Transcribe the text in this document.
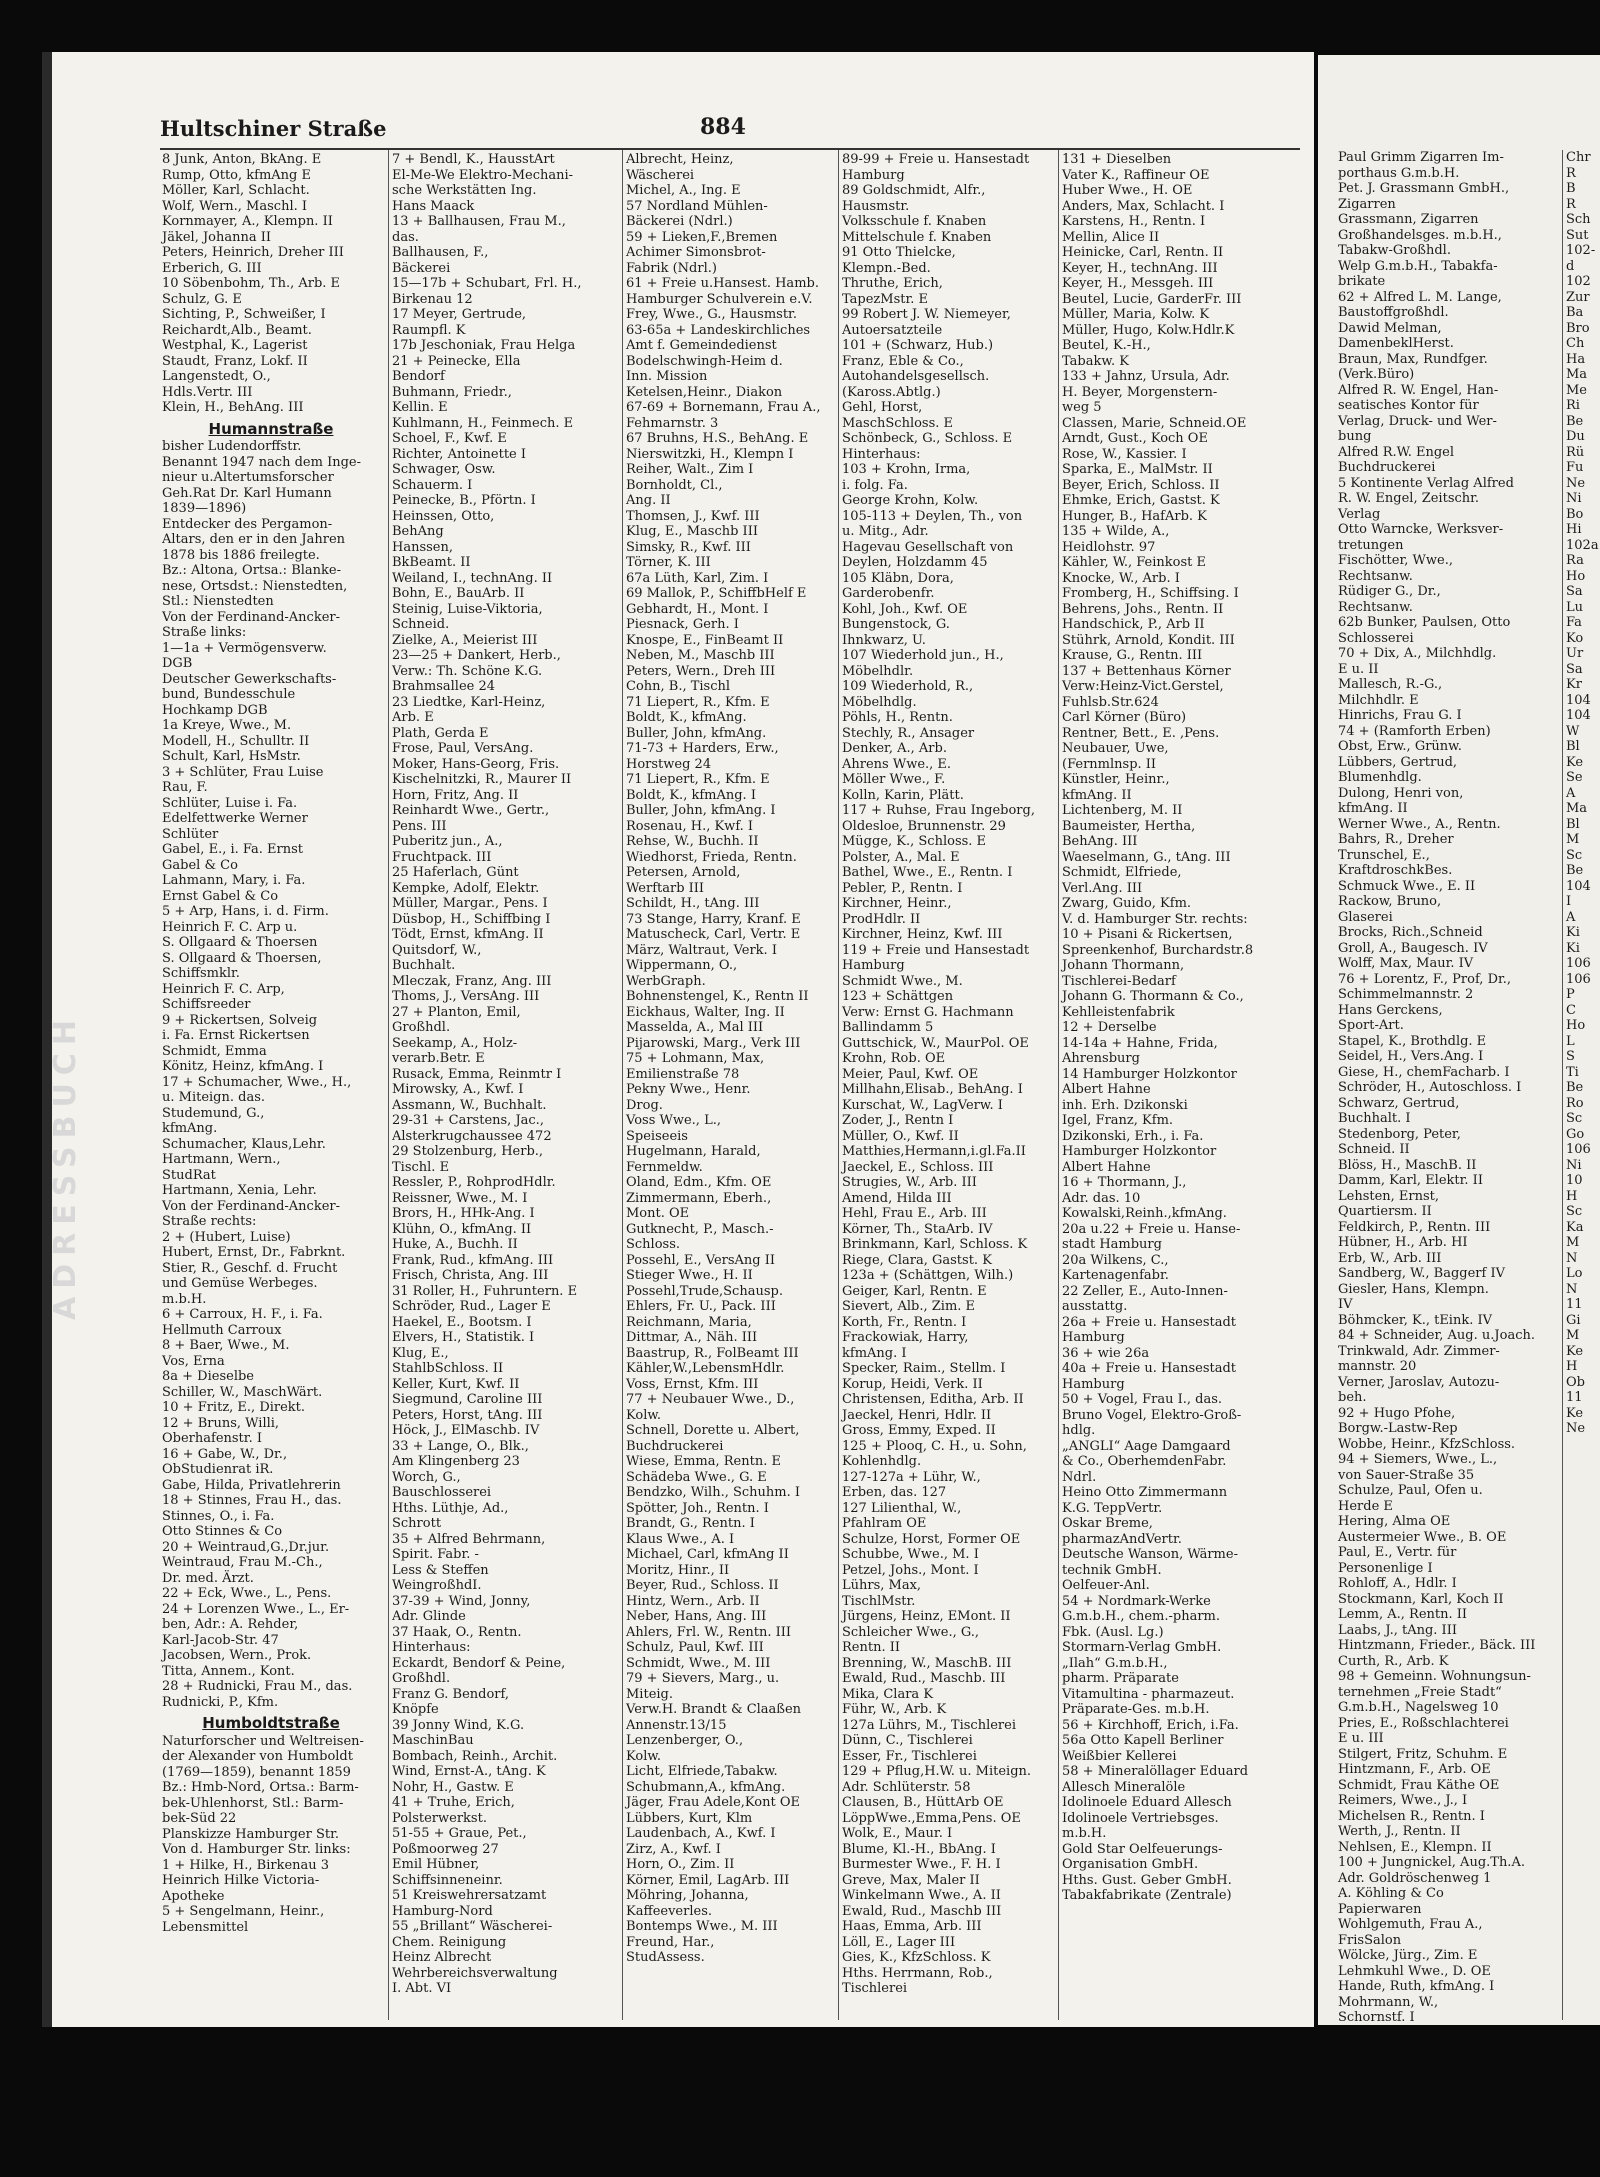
ADRESSBUCH
Hultschiner Straße	884
8 Junk, Anton, BkAng. E
Rump, Otto, kfmAng E
Möller, Karl, Schlacht.
Wolf, Wern., Maschl. I
Kornmayer, A., Klempn. II
Jäkel, Johanna II
Peters, Heinrich, Dreher III
Erberich, G. III
10 Söbenbohm, Th., Arb. E
Schulz, G. E
Sichting, P., Schweißer, I
Reichardt,Alb., Beamt.
Westphal, K., Lagerist
Staudt, Franz, Lokf. II
Langenstedt, O.,
Hdls.Vertr. III
Klein, H., BehAng. III
Humannstraße
bisher Ludendorffstr.
Benannt 1947 nach dem Inge-
nieur u.Altertumsforscher
Geh.Rat Dr. Karl Humann
1839—1896)
Entdecker des Pergamon-
Altars, den er in den Jahren
1878 bis 1886 freilegte.
Bz.: Altona, Ortsa.: Blanke-
nese, Ortsdst.: Nienstedten,
Stl.: Nienstedten
Von der Ferdinand-Ancker-
Straße links:
1—1a + Vermögensverw.
DGB
Deutscher Gewerkschafts-
bund, Bundesschule
Hochkamp DGB
1a Kreye, Wwe., M.
Modell, H., Schulltr. II
Schult, Karl, HsMstr.
3 + Schlüter, Frau Luise
Rau, F.
Schlüter, Luise i. Fa.
Edelfettwerke Werner
Schlüter
Gabel, E., i. Fa. Ernst
Gabel & Co
Lahmann, Mary, i. Fa.
Ernst Gabel & Co
5 + Arp, Hans, i. d. Firm.
Heinrich F. C. Arp u.
S. Ollgaard & Thoersen
S. Ollgaard & Thoersen,
Schiffsmklr.
Heinrich F. C. Arp,
Schiffsreeder
9 + Rickertsen, Solveig
i. Fa. Ernst Rickertsen
Schmidt, Emma
Könitz, Heinz, kfmAng. I
17 + Schumacher, Wwe., H.,
u. Miteign. das.
Studemund, G.,
kfmAng.
Schumacher, Klaus,Lehr.
Hartmann, Wern.,
StudRat
Hartmann, Xenia, Lehr.
Von der Ferdinand-Ancker-
Straße rechts:
2 + (Hubert, Luise)
Hubert, Ernst, Dr., Fabrknt.
Stier, R., Geschf. d. Frucht
und Gemüse Werbeges.
m.b.H.
6 + Carroux, H. F., i. Fa.
Hellmuth Carroux
8 + Baer, Wwe., M.
Vos, Erna
8a + Dieselbe
Schiller, W., MaschWärt.
10 + Fritz, E., Direkt.
12 + Bruns, Willi,
Oberhafenstr. I
16 + Gabe, W., Dr.,
ObStudienrat iR.
Gabe, Hilda, Privatlehrerin
18 + Stinnes, Frau H., das.
Stinnes, O., i. Fa.
Otto Stinnes & Co
20 + Weintraud,G.,Dr.jur.
Weintraud, Frau M.-Ch.,
Dr. med. Ärzt.
22 + Eck, Wwe., L., Pens.
24 + Lorenzen Wwe., L., Er-
ben, Adr.: A. Rehder,
Karl-Jacob-Str. 47
Jacobsen, Wern., Prok.
Titta, Annem., Kont.
28 + Rudnicki, Frau M., das.
Rudnicki, P., Kfm.
Humboldtstraße
Naturforscher und Weltreisen-
der Alexander von Humboldt
(1769—1859), benannt 1859
Bz.: Hmb-Nord, Ortsa.: Barm-
bek-Uhlenhorst, Stl.: Barm-
bek-Süd 22
Planskizze Hamburger Str.
Von d. Hamburger Str. links:
1 + Hilke, H., Birkenau 3
Heinrich Hilke Victoria-
Apotheke
5 + Sengelmann, Heinr.,
Lebensmittel
7 + Bendl, K., HausstArt
El-Me-We Elektro-Mechani-
sche Werkstätten Ing.
Hans Maack
13 + Ballhausen, Frau M.,
das.
Ballhausen, F.,
Bäckerei
15—17b + Schubart, Frl. H.,
Birkenau 12
17 Meyer, Gertrude,
Raumpfl. K
17b Jeschoniak, Frau Helga
21 + Peinecke, Ella
Bendorf
Buhmann, Friedr.,
Kellin. E
Kuhlmann, H., Feinmech. E
Schoel, F., Kwf. E
Richter, Antoinette I
Schwager, Osw.
Schauerm. I
Peinecke, B., Pförtn. I
Heinssen, Otto,
BehAng
Hanssen,
BkBeamt. II
Weiland, I., technAng. II
Bohn, E., BauArb. II
Steinig, Luise-Viktoria,
Schneid.
Zielke, A., Meierist III
23—25 + Dankert, Herb.,
Verw.: Th. Schöne K.G.
Brahmsallee 24
23 Liedtke, Karl-Heinz,
Arb. E
Plath, Gerda E
Frose, Paul, VersAng.
Moker, Hans-Georg, Fris.
Kischelnitzki, R., Maurer II
Horn, Fritz, Ang. II
Reinhardt Wwe., Gertr.,
Pens. III
Puberitz jun., A.,
Fruchtpack. III
25 Haferlach, Günt
Kempke, Adolf, Elektr.
Müller, Margar., Pens. I
Düsbop, H., Schiffbing I
Tödt, Ernst, kfmAng. II
Quitsdorf, W.,
Buchhalt.
Mleczak, Franz, Ang. III
Thoms, J., VersAng. III
27 + Planton, Emil,
Großhdl.
Seekamp, A., Holz-
verarb.Betr. E
Rusack, Emma, Reinmtr I
Mirowsky, A., Kwf. I
Assmann, W., Buchhalt.
29-31 + Carstens, Jac.,
Alsterkrugchaussee 472
29 Stolzenburg, Herb.,
Tischl. E
Ressler, P., RohprodHdlr.
Reissner, Wwe., M. I
Brors, H., HHk-Ang. I
Klühn, O., kfmAng. II
Huke, A., Buchh. II
Frank, Rud., kfmAng. III
Frisch, Christa, Ang. III
31 Roller, H., Fuhruntern. E
Schröder, Rud., Lager E
Haekel, E., Bootsm. I
Elvers, H., Statistik. I
Klug, E.,
StahlbSchloss. II
Keller, Kurt, Kwf. II
Siegmund, Caroline III
Peters, Horst, tAng. III
Höck, J., ElMaschb. IV
33 + Lange, O., Blk.,
Am Klingenberg 23
Worch, G.,
Bauschlosserei
Hths. Lüthje, Ad.,
Schrott
35 + Alfred Behrmann,
Spirit. Fabr. -
Less & Steffen
WeingroßhdI.
37-39 + Wind, Jonny,
Adr. Glinde
37 Haak, O., Rentn.
Hinterhaus:
Eckardt, Bendorf & Peine,
Großhdl.
Franz G. Bendorf,
Knöpfe
39 Jonny Wind, K.G.
MaschinBau
Bombach, Reinh., Archit.
Wind, Ernst-A., tAng. K
Nohr, H., Gastw. E
41 + Truhe, Erich,
Polsterwerkst.
51-55 + Graue, Pet.,
Poßmoorweg 27
Emil Hübner,
Schiffsinneneinr.
51 Kreiswehrersatzamt
Hamburg-Nord
55 „Brillant“ Wäscherei-
Chem. Reinigung
Heinz Albrecht
Wehrbereichsverwaltung
I. Abt. VI
Albrecht, Heinz,
Wäscherei
Michel, A., Ing. E
57 Nordland Mühlen-
Bäckerei (Ndrl.)
59 + Lieken,F.,Bremen
Achimer Simonsbrot-
Fabrik (Ndrl.)
61 + Freie u.Hansest. Hamb.
Hamburger Schulverein e.V.
Frey, Wwe., G., Hausmstr.
63-65a + Landeskirchliches
Amt f. Gemeindedienst
Bodelschwingh-Heim d.
Inn. Mission
Ketelsen,Heinr., Diakon
67-69 + Bornemann, Frau A.,
Fehmarnstr. 3
67 Bruhns, H.S., BehAng. E
Nierswitzki, H., Klempn I
Reiher, Walt., Zim I
Bornholdt, Cl.,
Ang. II
Thomsen, J., Kwf. III
Klug, E., Maschb III
Simsky, R., Kwf. III
Törner, K. III
67a Lüth, Karl, Zim. I
69 Mallok, P., SchiffbHelf E
Gebhardt, H., Mont. I
Piesnack, Gerh. I
Knospe, E., FinBeamt II
Neben, M., Maschb III
Peters, Wern., Dreh III
Cohn, B., Tischl
71 Liepert, R., Kfm. E
Boldt, K., kfmAng.
Buller, John, kfmAng.
71-73 + Harders, Erw.,
Horstweg 24
71 Liepert, R., Kfm. E
Boldt, K., kfmAng. I
Buller, John, kfmAng. I
Rosenau, H., Kwf. I
Rehse, W., Buchh. II
Wiedhorst, Frieda, Rentn.
Petersen, Arnold,
Werftarb III
Schildt, H., tAng. III
73 Stange, Harry, Kranf. E
Matuscheck, Carl, Vertr. E
März, Waltraut, Verk. I
Wippermann, O.,
WerbGraph.
Bohnenstengel, K., Rentn II
Eickhaus, Walter, Ing. II
Masselda, A., Mal III
Pijarowski, Marg., Verk III
75 + Lohmann, Max,
Emilienstraße 78
Pekny Wwe., Henr.
Drog.
Voss Wwe., L.,
Speiseeis
Hugelmann, Harald,
Fernmeldw.
Oland, Edm., Kfm. OE
Zimmermann, Eberh.,
Mont. OE
Gutknecht, P., Masch.-
Schloss.
Possehl, E., VersAng II
Stieger Wwe., H. II
Possehl,Trude,Schausp.
Ehlers, Fr. U., Pack. III
Reichmann, Maria,
Dittmar, A., Näh. III
Baastrup, R., FolBeamt III
Kähler,W.,LebensmHdlr.
Voss, Ernst, Kfm. III
77 + Neubauer Wwe., D.,
Kolw.
Schnell, Dorette u. Albert,
Buchdruckerei
Wiese, Emma, Rentn. E
Schädeba Wwe., G. E
Bendzko, Wilh., Schuhm. I
Spötter, Joh., Rentn. I
Brandt, G., Rentn. I
Klaus Wwe., A. I
Michael, Carl, kfmAng II
Moritz, Hinr., II
Beyer, Rud., Schloss. II
Hintz, Wern., Arb. II
Neber, Hans, Ang. III
Ahlers, Frl. W., Rentn. III
Schulz, Paul, Kwf. III
Schmidt, Wwe., M. III
79 + Sievers, Marg., u.
Miteig.
Verw.H. Brandt & Claaßen
Annenstr.13/15
Lenzenberger, O.,
Kolw.
Licht, Elfriede,Tabakw.
Schubmann,A., kfmAng.
Jäger, Frau Adele,Kont OE
Lübbers, Kurt, Klm
Laudenbach, A., Kwf. I
Zirz, A., Kwf. I
Horn, O., Zim. II
Körner, Emil, LagArb. III
Möhring, Johanna,
Kaffeeverles.
Bontemps Wwe., M. III
Freund, Har.,
StudAssess.
89-99 + Freie u. Hansestadt
Hamburg
89 Goldschmidt, Alfr.,
Hausmstr.
Volksschule f. Knaben
Mittelschule f. Knaben
91 Otto Thielcke,
Klempn.-Bed.
Thruthe, Erich,
TapezMstr. E
99 Robert J. W. Niemeyer,
Autoersatzteile
101 + (Schwarz, Hub.)
Franz, Eble & Co.,
Autohandelsgesellsch.
(Kaross.Abtlg.)
Gehl, Horst,
MaschSchloss. E
Schönbeck, G., Schloss. E
Hinterhaus:
103 + Krohn, Irma,
i. folg. Fa.
George Krohn, Kolw.
105-113 + Deylen, Th., von
u. Mitg., Adr.
Hagevau Gesellschaft von
Deylen, Holzdamm 45
105 Kläbn, Dora,
Garderobenfr.
Kohl, Joh., Kwf. OE
Bungenstock, G.
Ihnkwarz, U.
107 Wiederhold jun., H.,
Möbelhdlr.
109 Wiederhold, R.,
Möbelhdlg.
Pöhls, H., Rentn.
Stechly, R., Ansager
Denker, A., Arb.
Ahrens Wwe., E.
Möller Wwe., F.
Kolln, Karin, Plätt.
117 + Ruhse, Frau Ingeborg,
Oldesloe, Brunnenstr. 29
Mügge, K., Schloss. E
Polster, A., Mal. E
Bathel, Wwe., E., Rentn. I
Pebler, P., Rentn. I
Kirchner, Heinr.,
ProdHdlr. II
Kirchner, Heinz, Kwf. III
119 + Freie und Hansestadt
Hamburg
Schmidt Wwe., M.
123 + Schättgen
Verw: Ernst G. Hachmann
Ballindamm 5
Guttschick, W., MaurPol. OE
Krohn, Rob. OE
Meier, Paul, Kwf. OE
Millhahn,Elisab., BehAng. I
Kurschat, W., LagVerw. I
Zoder, J., Rentn I
Müller, O., Kwf. II
Matthies,Hermann,i.gl.Fa.II
Jaeckel, E., Schloss. III
Strugies, W., Arb. III
Amend, Hilda III
Hehl, Frau E., Arb. III
Körner, Th., StaArb. IV
Brinkmann, Karl, Schloss. K
Riege, Clara, Gastst. K
123a + (Schättgen, Wilh.)
Geiger, Karl, Rentn. E
Sievert, Alb., Zim. E
Korth, Fr., Rentn. I
Frackowiak, Harry,
kfmAng. I
Specker, Raim., Stellm. I
Korup, Heidi, Verk. II
Christensen, Editha, Arb. II
Jaeckel, Henri, Hdlr. II
Gross, Emmy, Exped. II
125 + Plooq, C. H., u. Sohn,
Kohlenhdlg.
127-127a + Lühr, W.,
Erben, das. 127
127 Lilienthal, W.,
Pfahlram OE
Schulze, Horst, Former OE
Schubbe, Wwe., M. I
Petzel, Johs., Mont. I
Lührs, Max,
TischlMstr.
Jürgens, Heinz, EMont. II
Schleicher Wwe., G.,
Rentn. II
Brenning, W., MaschB. III
Ewald, Rud., Maschb. III
Mika, Clara K
Führ, W., Arb. K
127a Lührs, M., Tischlerei
Dünn, C., Tischlerei
Esser, Fr., Tischlerei
129 + Pflug,H.W. u. Miteign.
Adr. Schlüterstr. 58
Clausen, B., HüttArb OE
LöppWwe.,Emma,Pens. OE
Wolk, E., Maur. I
Blume, Kl.-H., BbAng. I
Burmester Wwe., F. H. I
Greve, Max, Maler II
Winkelmann Wwe., A. II
Ewald, Rud., Maschb III
Haas, Emma, Arb. III
Löll, E., Lager III
Gies, K., KfzSchloss. K
Hths. Herrmann, Rob.,
Tischlerei
131 + Dieselben
Vater K., Raffineur OE
Huber Wwe., H. OE
Anders, Max, Schlacht. I
Karstens, H., Rentn. I
Mellin, Alice II
Heinicke, Carl, Rentn. II
Keyer, H., technAng. III
Keyer, H., Messgeh. III
Beutel, Lucie, GarderFr. III
Müller, Maria, Kolw. K
Müller, Hugo, Kolw.Hdlr.K
Beutel, K.-H.,
Tabakw. K
133 + Jahnz, Ursula, Adr.
H. Beyer, Morgenstern-
weg 5
Classen, Marie, Schneid.OE
Arndt, Gust., Koch OE
Rose, W., Kassier. I
Sparka, E., MalMstr. II
Beyer, Erich, Schloss. II
Ehmke, Erich, Gastst. K
Hunger, B., HafArb. K
135 + Wilde, A.,
Heidlohstr. 97
Kähler, W., Feinkost E
Knocke, W., Arb. I
Fromberg, H., Schiffsing. I
Behrens, Johs., Rentn. II
Handschick, P., Arb II
Stührk, Arnold, Kondit. III
Krause, G., Rentn. III
137 + Bettenhaus Körner
Verw:Heinz-Vict.Gerstel,
Fuhlsb.Str.624
Carl Körner (Büro)
Rentner, Bett., E. ,Pens.
Neubauer, Uwe,
(Fernmlnsp. II
Künstler, Heinr.,
kfmAng. II
Lichtenberg, M. II
Baumeister, Hertha,
BehAng. III
Waeselmann, G., tAng. III
Schmidt, Elfriede,
Verl.Ang. III
Zwarg, Guido, Kfm.
V. d. Hamburger Str. rechts:
10 + Pisani & Rickertsen,
Spreenkenhof, Burchardstr.8
Johann Thormann,
Tischlerei-Bedarf
Johann G. Thormann & Co.,
Kehlleistenfabrik
12 + Derselbe
14-14a + Hahne, Frida,
Ahrensburg
14 Hamburger Holzkontor
Albert Hahne
inh. Erh. Dzikonski
Igel, Franz, Kfm.
Dzikonski, Erh., i. Fa.
Hamburger Holzkontor
Albert Hahne
16 + Thormann, J.,
Adr. das. 10
Kowalski,Reinh.,kfmAng.
20a u.22 + Freie u. Hanse-
stadt Hamburg
20a Wilkens, C.,
Kartenagenfabr.
22 Zeller, E., Auto-Innen-
ausstattg.
26a + Freie u. Hansestadt
Hamburg
36 + wie 26a
40a + Freie u. Hansestadt
Hamburg
50 + Vogel, Frau I., das.
Bruno Vogel, Elektro-Groß-
hdlg.
„ANGLI“ Aage Damgaard
& Co., OberhemdenFabr.
Ndrl.
Heino Otto Zimmermann
K.G. TeppVertr.
Oskar Breme,
pharmazAndVertr.
Deutsche Wanson, Wärme-
technik GmbH.
Oelfeuer-Anl.
54 + Nordmark-Werke
G.m.b.H., chem.-pharm.
Fbk. (Ausl. Lg.)
Stormarn-Verlag GmbH.
„Ilah“ G.m.b.H.,
pharm. Präparate
Vitamultina - pharmazeut.
Präparate-Ges. m.b.H.
56 + Kirchhoff, Erich, i.Fa.
56a Otto Kapell Berliner
Weißbier Kellerei
58 + Mineralöllager Eduard
Allesch Mineralöle
Idolinoele Eduard Allesch
Idolinoele Vertriebsges.
m.b.H.
Gold Star Oelfeuerungs-
Organisation GmbH.
Hths. Gust. Geber GmbH.
Tabakfabrikate (Zentrale)
Paul Grimm Zigarren Im-
porthaus G.m.b.H.
Pet. J. Grassmann GmbH.,
Zigarren
Grassmann, Zigarren
Großhandelsges. m.b.H.,
Tabakw-Großhdl.
Welp G.m.b.H., Tabakfa-
brikate
62 + Alfred L. M. Lange,
Baustoffgroßhdl.
Dawid Melman,
DamenbeklHerst.
Braun, Max, Rundfger.
(Verk.Büro)
Alfred R. W. Engel, Han-
seatisches Kontor für
Verlag, Druck- und Wer-
bung
Alfred R.W. Engel
Buchdruckerei
5 Kontinente Verlag Alfred
R. W. Engel, Zeitschr.
Verlag
Otto Warncke, Werksver-
tretungen
Fischötter, Wwe.,
Rechtsanw.
Rüdiger G., Dr.,
Rechtsanw.
62b Bunker, Paulsen, Otto
Schlosserei
70 + Dix, A., Milchhdlg.
E u. II
Mallesch, R.-G.,
Milchhdlr. E
Hinrichs, Frau G. I
74 + (Ramforth Erben)
Obst, Erw., Grünw.
Lübbers, Gertrud,
Blumenhdlg.
Dulong, Henri von,
kfmAng. II
Werner Wwe., A., Rentn.
Bahrs, R., Dreher
Trunschel, E.,
KraftdroschkBes.
Schmuck Wwe., E. II
Rackow, Bruno,
Glaserei
Brocks, Rich.,Schneid
Groll, A., Baugesch. IV
Wolff, Max, Maur. IV
76 + Lorentz, F., Prof, Dr.,
Schimmelmannstr. 2
Hans Gerckens,
Sport-Art.
Stapel, K., Brothdlg. E
Seidel, H., Vers.Ang. I
Giese, H., chemFacharb. I
Schröder, H., Autoschloss. I
Schwarz, Gertrud,
Buchhalt. I
Stedenborg, Peter,
Schneid. II
Blöss, H., MaschB. II
Damm, Karl, Elektr. II
Lehsten, Ernst,
Quartiersm. II
Feldkirch, P., Rentn. III
Hübner, H., Arb. HI
Erb, W., Arb. III
Sandberg, W., Baggerf IV
Giesler, Hans, Klempn.
IV
Böhmcker, K., tEink. IV
84 + Schneider, Aug. u.Joach.
Trinkwald, Adr. Zimmer-
mannstr. 20
Verner, Jaroslav, Autozu-
beh.
92 + Hugo Pfohe,
Borgw.-Lastw-Rep
Wobbe, Heinr., KfzSchloss.
94 + Siemers, Wwe., L.,
von Sauer-Straße 35
Schulze, Paul, Ofen u.
Herde E
Hering, Alma OE
Austermeier Wwe., B. OE
Paul, E., Vertr. für
Personenlige I
Rohloff, A., Hdlr. I
Stockmann, Karl, Koch II
Lemm, A., Rentn. II
Laabs, J., tAng. III
Hintzmann, Frieder., Bäck. III
Curth, R., Arb. K
98 + Gemeinn. Wohnungsun-
ternehmen „Freie Stadt“
G.m.b.H., Nagelsweg 10
Pries, E., Roßschlachterei
E u. III
Stilgert, Fritz, Schuhm. E
Hintzmann, F., Arb. OE
Schmidt, Frau Käthe OE
Reimers, Wwe., J., I
Michelsen R., Rentn. I
Werth, J., Rentn. II
Nehlsen, E., Klempn. II
100 + Jungnickel, Aug.Th.A.
Adr. Goldröschenweg 1
A. Köhling & Co
Papierwaren
Wohlgemuth, Frau A.,
FrisSalon
Wölcke, Jürg., Zim. E
Lehmkuhl Wwe., D. OE
Hande, Ruth, kfmAng. I
Mohrmann, W.,
Schornstf. I
Chr
R
B
R
Sch
Sut
102-
d
102
Zur
Ba
Bro
Ch
Ha
Ma
Me
Ri
Be
Du
Rü
Fu
Ne
Ni
Bo
Hi
102a
Ra
Ho
Sa
Lu
Fa
Ko
Ur
Sa
Kr
104
104
W
Bl
Ke
Se
A
Ma
Bl
M
Sc
Be
104
I
A
Ki
Ki
106
106
P
C
Ho
L
S
Ti
Be
Ro
Sc
Go
106
Ni
10
H
Sc
Ka
M
N
Lo
N
11
Gi
M
Ke
H
Ob
11
Ke
Ne
